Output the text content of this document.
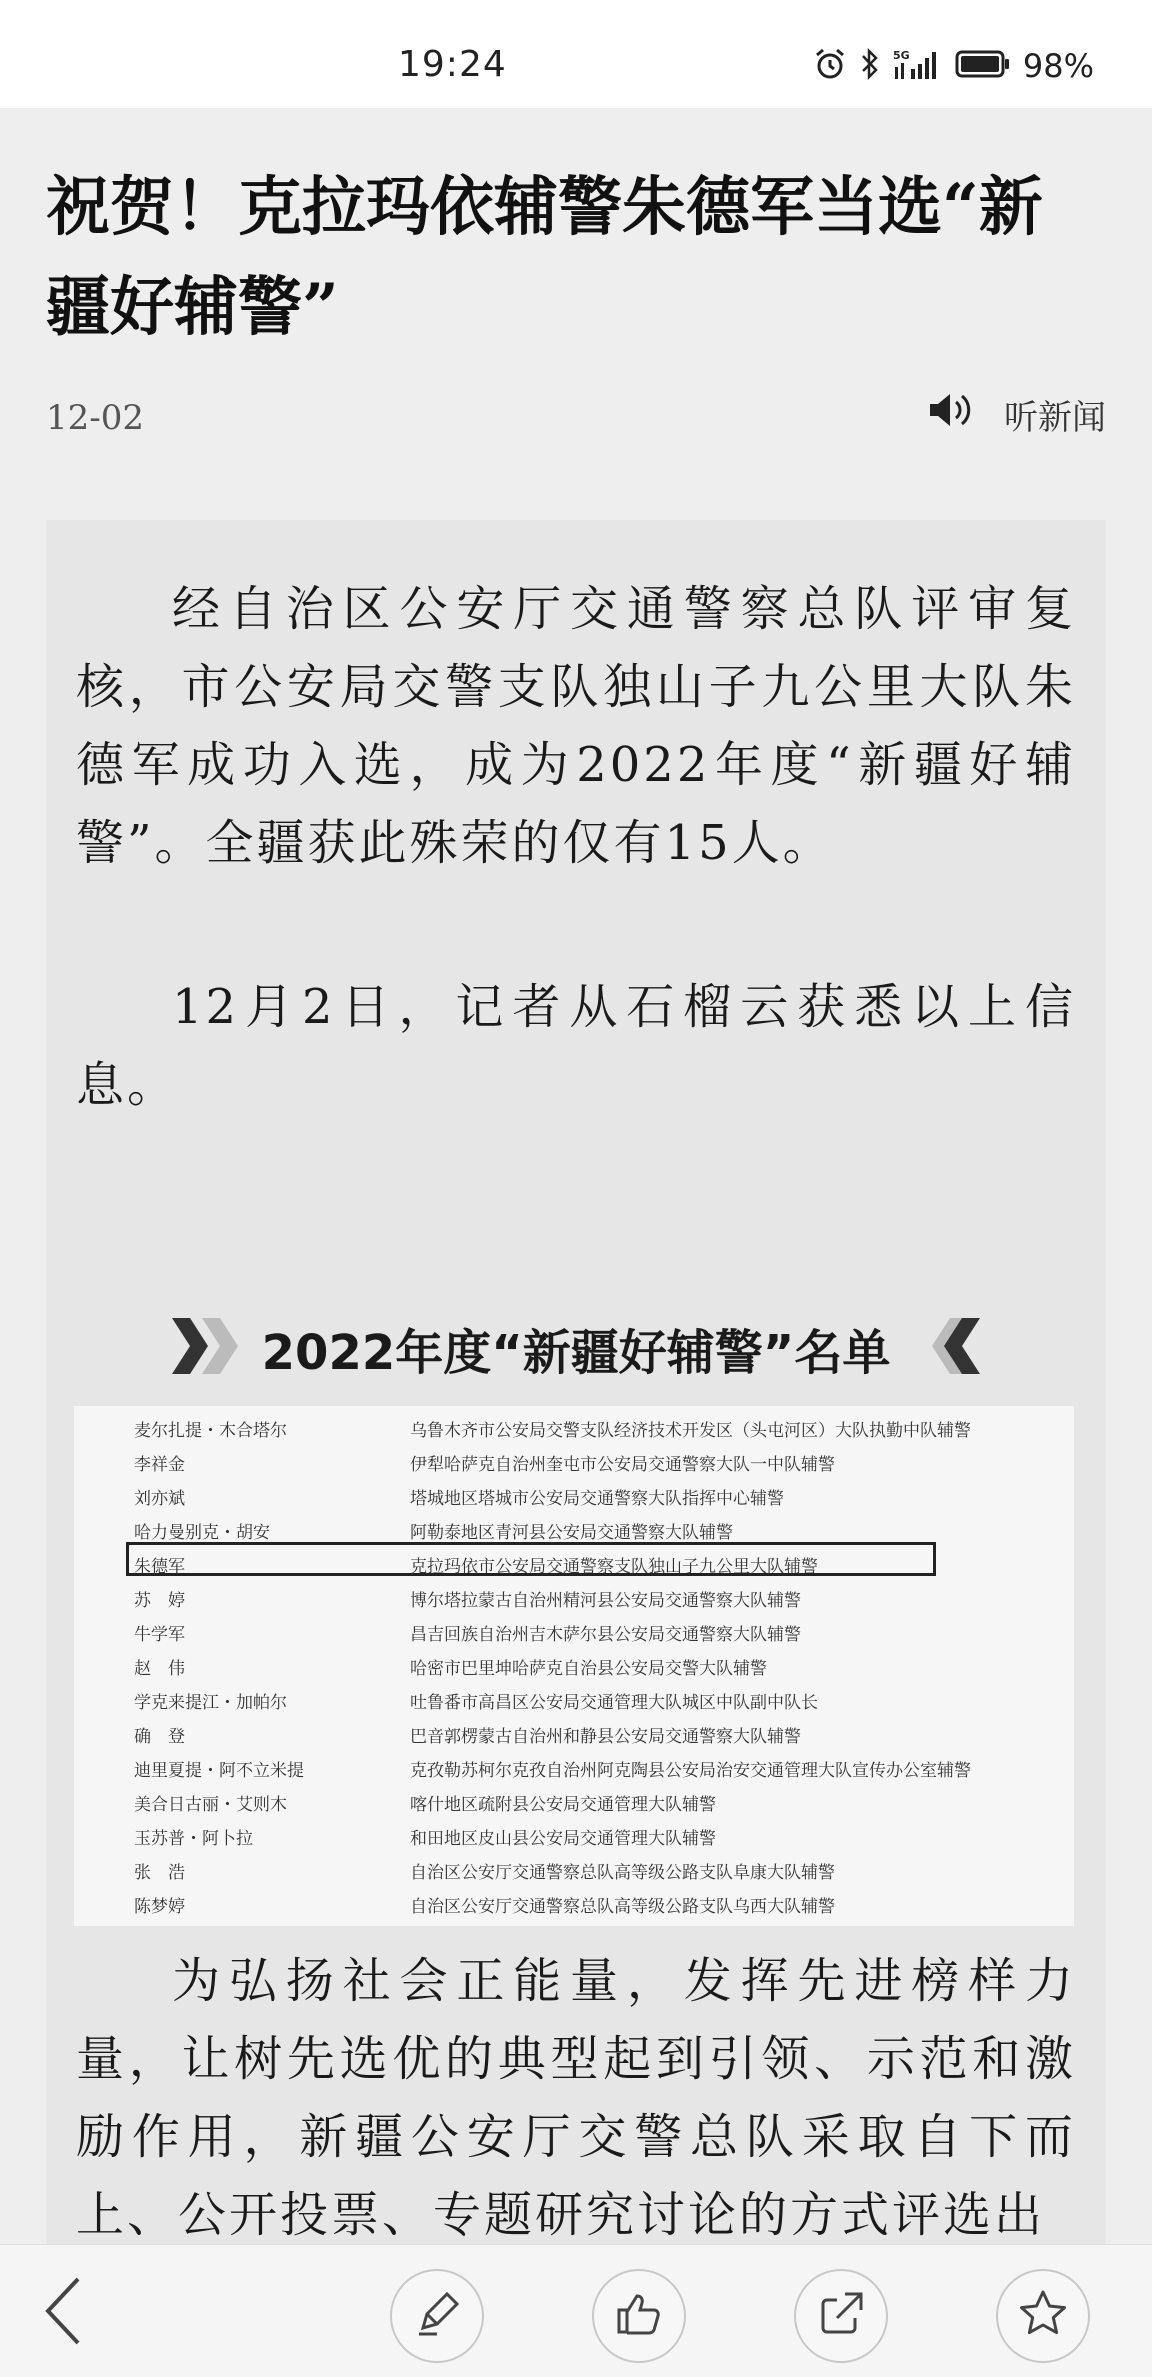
19:24	5G	98%
祝贺！克拉玛依辅警朱德军当选“新疆好辅警”
12-02	听新闻
经自治区公安厅交通警察总队评审复核，市公安局交警支队独山子九公里大队朱德军成功入选，成为2022年度“新疆好辅警”。全疆获此殊荣的仅有15人。
12月2日，记者从石榴云获悉以上信息。
2022年度“新疆好辅警”名单
麦尔扎提・木合塔尔	乌鲁木齐市公安局交警支队经济技术开发区（头屯河区）大队执勤中队辅警
李祥金	伊犁哈萨克自治州奎屯市公安局交通警察大队一中队辅警
刘亦斌	塔城地区塔城市公安局交通警察大队指挥中心辅警
哈力曼别克・胡安	阿勒泰地区青河县公安局交通警察大队辅警
朱德军	克拉玛依市公安局交通警察支队独山子九公里大队辅警
苏　婷	博尔塔拉蒙古自治州精河县公安局交通警察大队辅警
牛学军	昌吉回族自治州吉木萨尔县公安局交通警察大队辅警
赵　伟	哈密市巴里坤哈萨克自治县公安局交警大队辅警
学克来提江・加帕尔	吐鲁番市高昌区公安局交通管理大队城区中队副中队长
确　登	巴音郭楞蒙古自治州和静县公安局交通警察大队辅警
迪里夏提・阿不立米提	克孜勒苏柯尔克孜自治州阿克陶县公安局治安交通管理大队宣传办公室辅警
美合日古丽・艾则木	喀什地区疏附县公安局交通管理大队辅警
玉苏普・阿卜拉	和田地区皮山县公安局交通管理大队辅警
张　浩	自治区公安厅交通警察总队高等级公路支队阜康大队辅警
陈梦婷	自治区公安厅交通警察总队高等级公路支队乌西大队辅警
为弘扬社会正能量，发挥先进榜样力量，让树先选优的典型起到引领、示范和激励作用，新疆公安厅交警总队采取自下而上、公开投票、专题研究讨论的方式评选出
